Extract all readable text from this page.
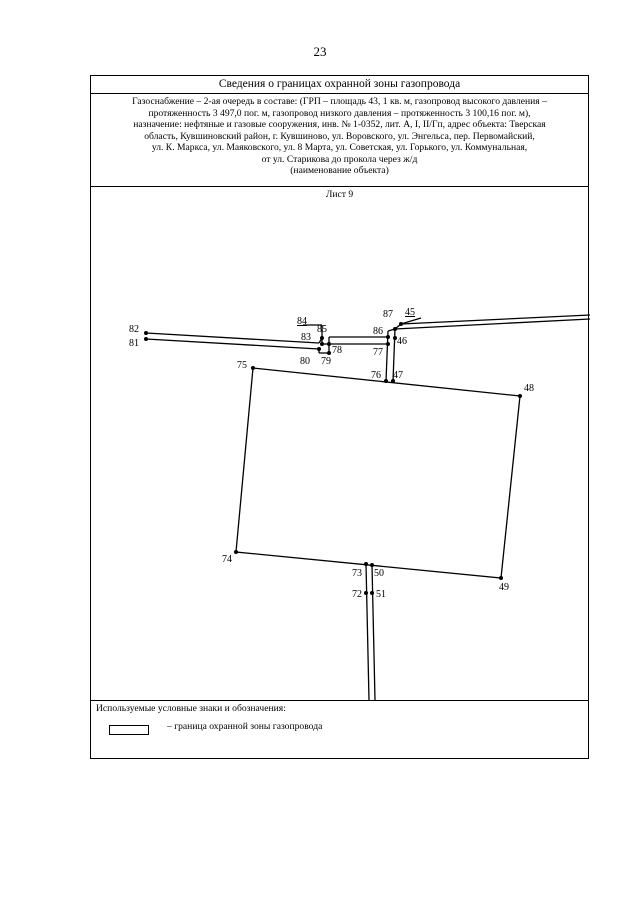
23
Сведения о границах охранной зоны газопровода
Газоснабжение – 2-ая очередь в составе: (ГРП – площадь 43, 1 кв. м, газопровод высокого давления –
протяженность 3 497,0 пог. м, газопровод низкого давления – протяженность 3 100,16 пог. м),
назначение: нефтяные и газовые сооружения, инв. № 1-0352, лит. А, I, II/Гп, адрес объекта: Тверская
область, Кувшиновский район, г. Кувшиново, ул. Воровского, ул. Энгельса, пер. Первомайский,
ул. К. Маркса, ул. Маяковского, ул. 8 Марта, ул. Советская, ул. Горького, ул. Коммунальная,
от ул. Старикова до прокола через ж/д
(наименование объекта)
Лист 9
82
81
84
83
85
80 79
78
87 45
86
46
77
75
76 47
48
74
73 50
72 51
49
Используемые условные знаки и обозначения:
– граница охранной зоны газопровода
